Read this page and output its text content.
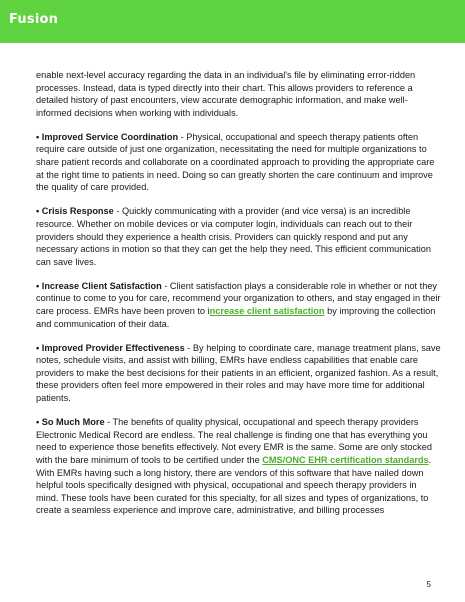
Fusion

enable next-level accuracy regarding the data in an individual's file by eliminating error-ridden processes. Instead, data is typed directly into their chart. This allows providers to reference a detailed history of past encounters, view accurate demographic information, and make well-informed decisions when working with individuals.

• Improved Service Coordination - Physical, occupational and speech therapy patients often require care outside of just one organization, necessitating the need for multiple organizations to share patient records and collaborate on a coordinated approach to providing the appropriate care at the right time to patients in need. Doing so can greatly shorten the care continuum and improve the quality of care provided.

• Crisis Response - Quickly communicating with a provider (and vice versa) is an incredible resource. Whether on mobile devices or via computer login, individuals can reach out to their providers should they experience a health crisis. Providers can quickly respond and put any necessary actions in motion so that they can get the help they need. This efficient communication can save lives.

• Increase Client Satisfaction - Client satisfaction plays a considerable role in whether or not they continue to come to you for care, recommend your organization to others, and stay engaged in their care process. EMRs have been proven to increase client satisfaction by improving the collection and communication of their data.

• Improved Provider Effectiveness - By helping to coordinate care, manage treatment plans, save notes, schedule visits, and assist with billing, EMRs have endless capabilities that enable care providers to make the best decisions for their patients in an efficient, organized fashion. As a result, these providers often feel more empowered in their roles and may have more time for additional patients.

• So Much More - The benefits of quality physical, occupational and speech therapy providers Electronic Medical Record are endless. The real challenge is finding one that has everything you need to experience those benefits effectively. Not every EMR is the same. Some are only stocked with the bare minimum of tools to be certified under the CMS/ONC EHR certification standards. With EMRs having such a long history, there are vendors of this software that have nailed down helpful tools specifically designed with physical, occupational and speech therapy providers in mind. These tools have been curated for this specialty, for all sizes and types of organizations, to create a seamless experience and improve care, administrative, and billing processes

5
